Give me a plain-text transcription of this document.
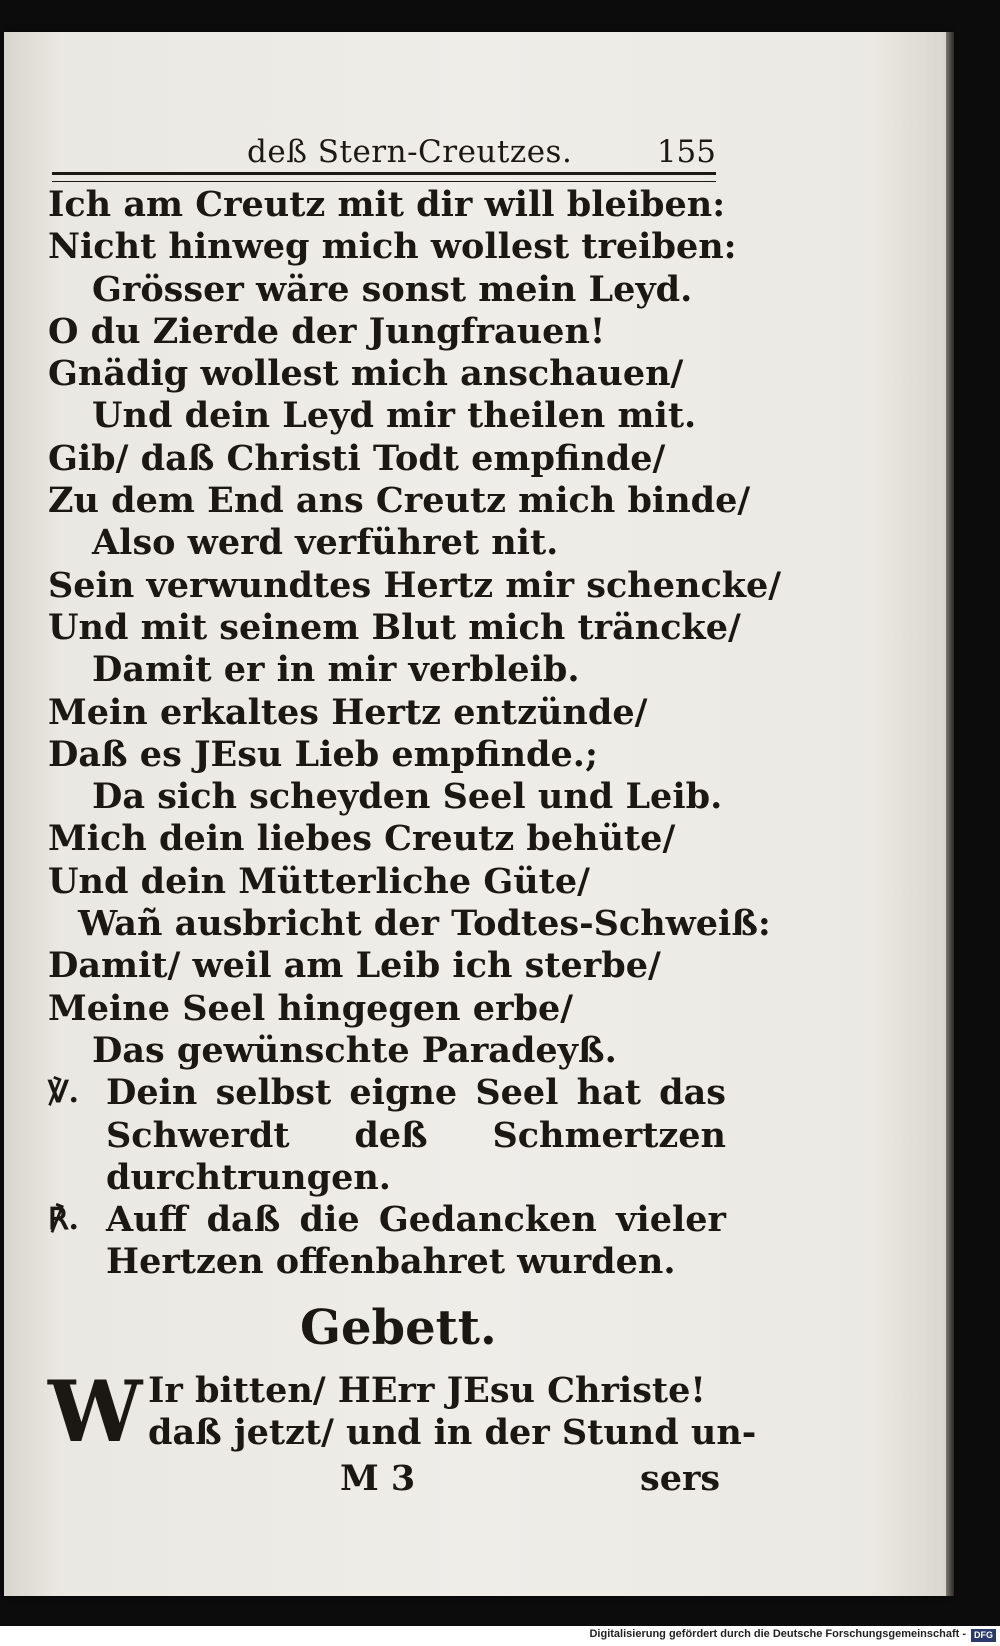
deß Stern-Creutzes.	155
Ich am Creutz mit dir will bleiben:
Nicht hinweg mich wollest treiben:
Grösser wäre sonst mein Leyd.
O du Zierde der Jungfrauen!
Gnädig wollest mich anschauen/
Und dein Leyd mir theilen mit.
Gib/ daß Christi Todt empfinde/
Zu dem End ans Creutz mich binde/
Also werd verführet nit.
Sein verwundtes Hertz mir schencke/
Und mit seinem Blut mich träncke/
Damit er in mir verbleib.
Mein erkaltes Hertz entzünde/
Daß es JEsu Lieb empfinde.;
Da sich scheyden Seel und Leib.
Mich dein liebes Creutz behüte/
Und dein Mütterliche Güte/
Wañ ausbricht der Todtes-Schweiß:
Damit/ weil am Leib ich sterbe/
Meine Seel hingegen erbe/
Das gewünschte Paradeyß.
℣. Dein selbst eigne Seel hat das Schwerdt deß Schmertzen durchtrungen.
℟. Auff daß die Gedancken vieler Hertzen offenbahret wurden.
Gebett.
W Ir bitten/ HErr JEsu Christe!
daß jetzt/ und in der Stund un-
M 3	sers
Digitalisierung gefördert durch die Deutsche Forschungsgemeinschaft - DFG
